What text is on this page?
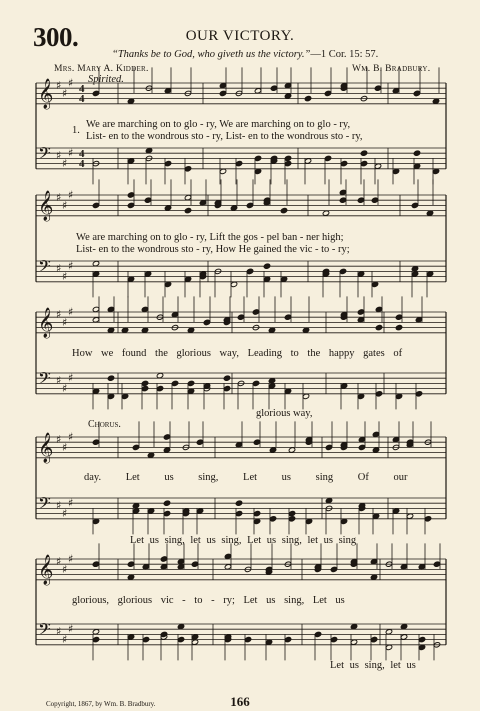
300.	OUR VICTORY.
“Thanks be to God, who giveth us the victory.”—1 Cor. 15: 57.
Mrs. Mary A. Kidder.	Wm. B. Bradbury.
Spirited.
Chorus.
𝄞
𝄢
♯
♯
♯
♯
♯
♯
4
4
4
4
𝄞
𝄢
♯
♯
♯
♯
♯
♯
𝄞
𝄢
♯
♯
♯
♯
♯
♯
𝄞
𝄢
♯
♯
♯
♯
♯
♯
𝄞
𝄢
♯
♯
♯
♯
♯
♯
1.
We are marching on to glo - ry, We are marching on to glo - ry,
List- en to the wondrous sto - ry, List- en to the wondrous sto - ry,
We are marching on to glo - ry, Lift the gos - pel ban - ner high;
List- en to the wondrous sto - ry, How He gained the vic - to - ry;
How we found the glorious way, Leading to the happy gates of
glorious way,
day. Let us sing, Let us sing Of our
Let us sing, let us sing, Let us sing, let us sing
glorious, glorious vic - to - ry; Let us sing, Let us
Let us sing, let us
Copyright, 1867, by Wm. B. Bradbury.	166
